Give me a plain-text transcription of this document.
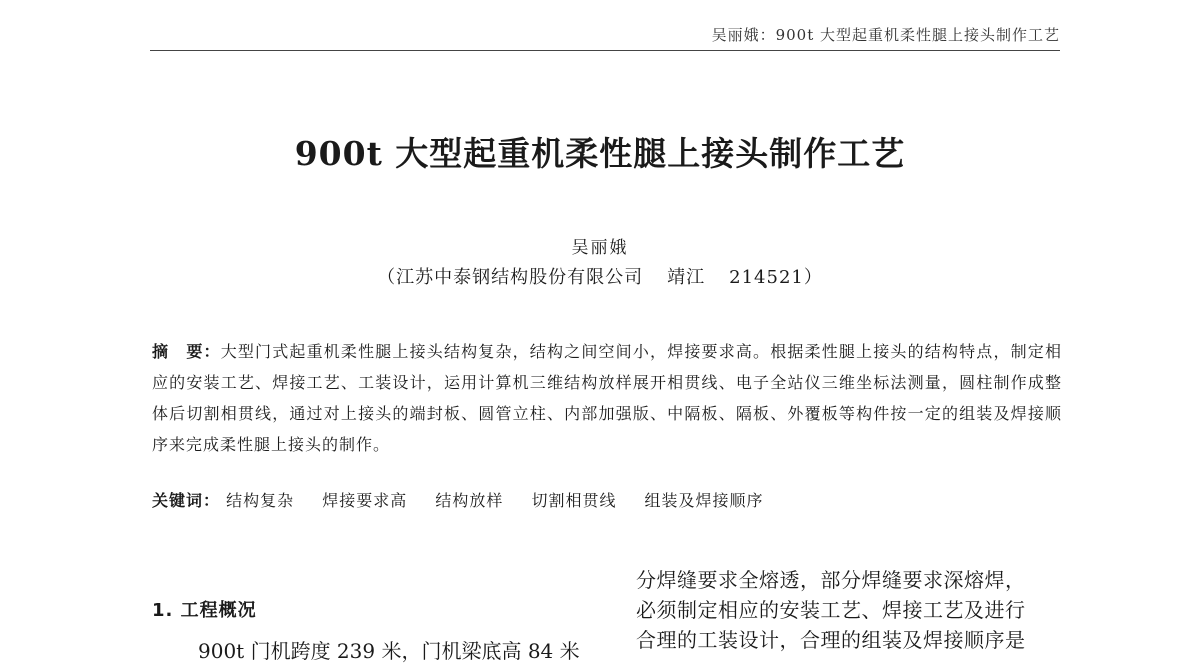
吴丽娥：900t 大型起重机柔性腿上接头制作工艺
900t 大型起重机柔性腿上接头制作工艺
吴丽娥
（江苏中泰钢结构股份有限公司 靖江 214521）
摘　要：大型门式起重机柔性腿上接头结构复杂，结构之间空间小，焊接要求高。根据柔性腿上接头的结构特点，制定相应的安装工艺、焊接工艺、工装设计，运用计算机三维结构放样展开相贯线、电子全站仪三维坐标法测量，圆柱制作成整体后切割相贯线，通过对上接头的端封板、圆管立柱、内部加强版、中隔板、隔板、外覆板等构件按一定的组装及焊接顺序来完成柔性腿上接头的制作。
关键词： 结构复杂 焊接要求高 结构放样 切割相贯线 组装及焊接顺序
1. 工程概况
900t 门机跨度 239 米，门机梁底高 84 米
分焊缝要求全熔透，部分焊缝要求深熔焊，
必须制定相应的安装工艺、焊接工艺及进行
合理的工装设计，合理的组装及焊接顺序是
